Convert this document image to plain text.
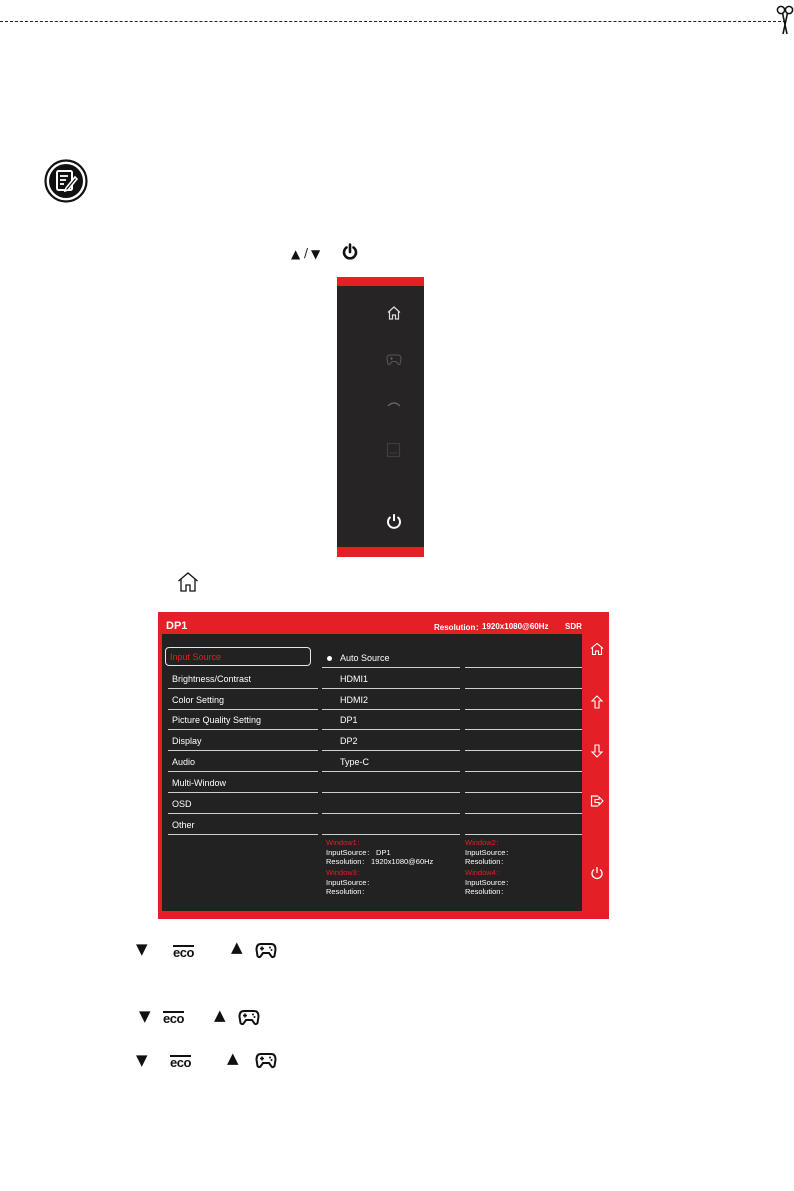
▲ / ▼
DP1	Resolution：
1920x1080@60Hz SDR
Input Source
Brightness/Contrast
Color Setting
Picture Quality Setting
Display
Audio
Multi-Window
OSD
Other
Auto Source
HDMI1
HDMI2
DP1
DP2
Type-C
Window1：
InputSource： DP1
Resolution： 1920x1080@60Hz
Window2：
InputSource：
Resolution：
Window3：
InputSource：
Resolution：
Window4：
InputSource：
Resolution：
▼ eco ▲
▼ eco ▲
▼ eco ▲
